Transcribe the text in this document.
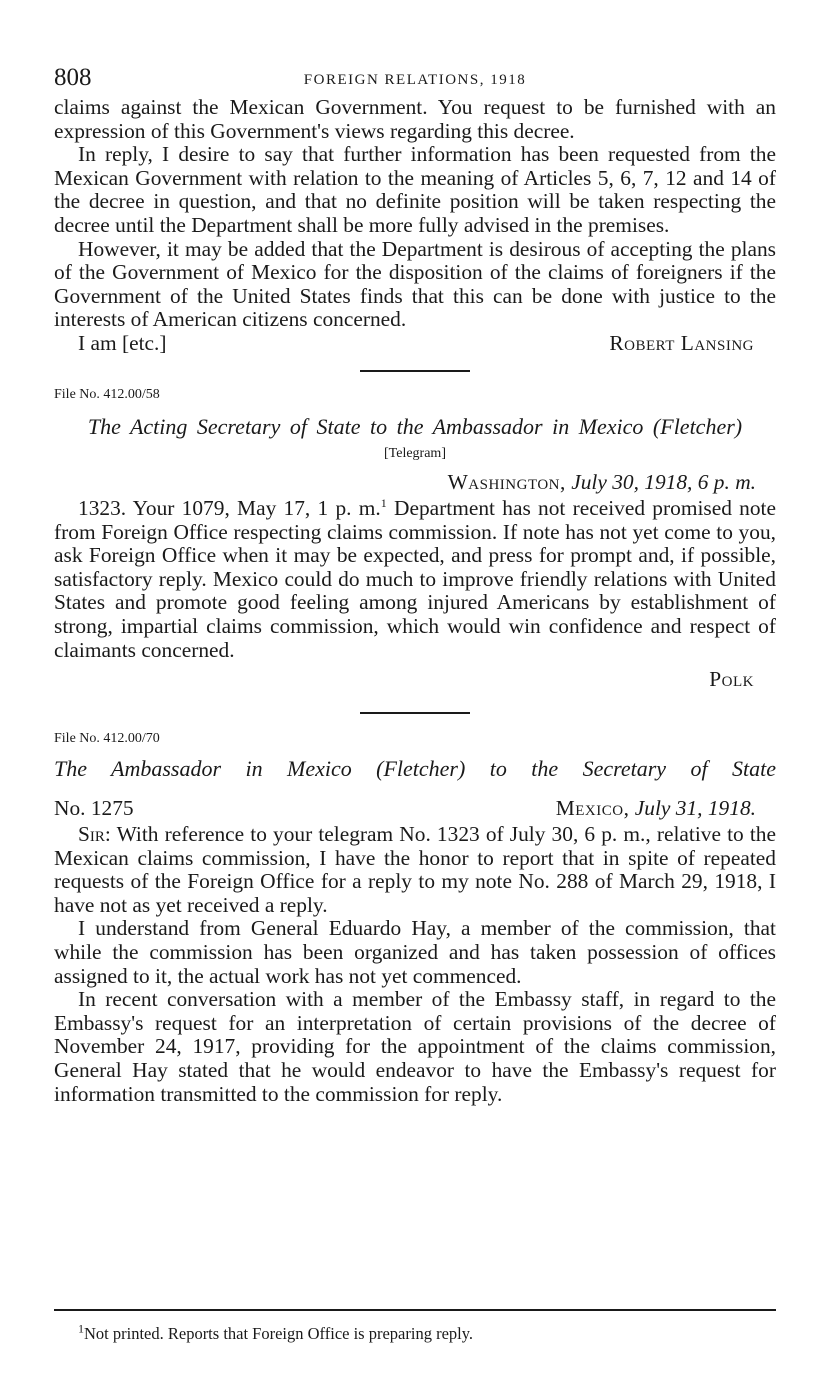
808	FOREIGN RELATIONS, 1918

claims against the Mexican Government. You request to be furnished with an expression of this Government's views regarding this decree.

In reply, I desire to say that further information has been requested from the Mexican Government with relation to the meaning of Articles 5, 6, 7, 12 and 14 of the decree in question, and that no definite position will be taken respecting the decree until the Department shall be more fully advised in the premises.

However, it may be added that the Department is desirous of accepting the plans of the Government of Mexico for the disposition of the claims of foreigners if the Government of the United States finds that this can be done with justice to the interests of American citizens concerned.

I am [etc.]	Robert Lansing
File No. 412.00/58
The Acting Secretary of State to the Ambassador in Mexico (Fletcher)
[Telegram]
Washington, July 30, 1918, 6 p. m.

1323. Your 1079, May 17, 1 p. m.$^1$ Department has not received promised note from Foreign Office respecting claims commission. If note has not yet come to you, ask Foreign Office when it may be expected, and press for prompt and, if possible, satisfactory reply. Mexico could do much to improve friendly relations with United States and promote good feeling among injured Americans by establishment of strong, impartial claims commission, which would win confidence and respect of claimants concerned.

Polk
File No. 412.00/70
The Ambassador in Mexico (Fletcher) to the Secretary of State
No. 1275	Mexico, July 31, 1918.

Sir: With reference to your telegram No. 1323 of July 30, 6 p. m., relative to the Mexican claims commission, I have the honor to report that in spite of repeated requests of the Foreign Office for a reply to my note No. 288 of March 29, 1918, I have not as yet received a reply.

I understand from General Eduardo Hay, a member of the commission, that while the commission has been organized and has taken possession of offices assigned to it, the actual work has not yet commenced.

In recent conversation with a member of the Embassy staff, in regard to the Embassy's request for an interpretation of certain provisions of the decree of November 24, 1917, providing for the appointment of the claims commission, General Hay stated that he would endeavor to have the Embassy's request for information transmitted to the commission for reply.

$^1$Not printed. Reports that Foreign Office is preparing reply.
